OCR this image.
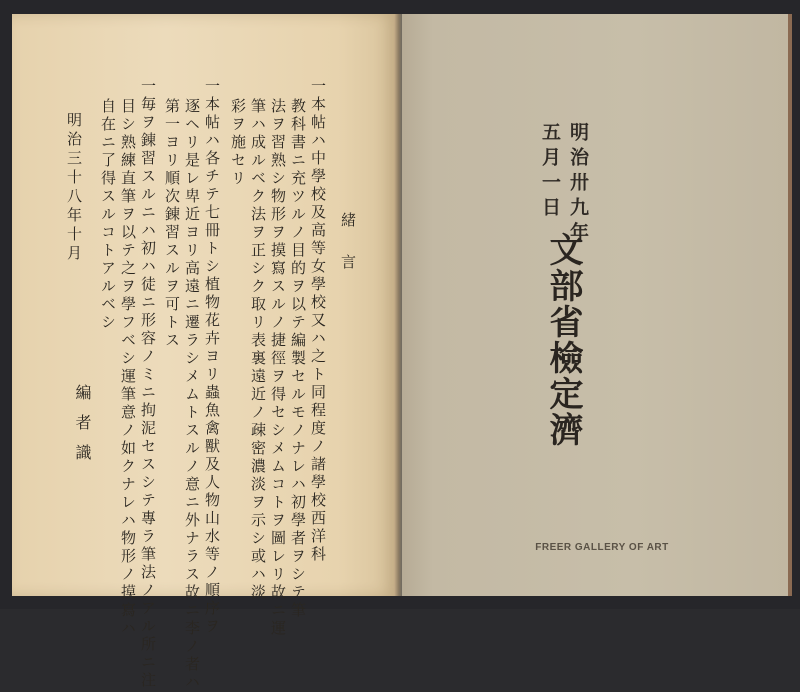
緒　言
一本帖ハ中學校及高等女學校又ハ之ト同程度ノ諸學校西洋科
教科書ニ充ツルノ目的ヲ以テ編製セルモノナレハ初學者ヲシテ筆
法ヲ習熟シ物形ヲ摸寫スルノ捷徑ヲ得セシメムコトヲ圖レリ故ニ運
筆ハ成ルベク法ヲ正シク取リ表裏遠近ノ疎密濃淡ヲ示シ或ハ淡
彩ヲ施セリ
一本帖ハ各チテ七冊トシ植物花卉ヨリ蟲魚禽獸及人物山水等ノ順序ヲ
逐ヘリ是レ卑近ヨリ高遠ニ遷ラシメムトスルノ意ニ外ナラス故ニ李ノ者ハ
第一ヨリ順次錬習スルヲ可トス
一毎ヲ錬習スルニハ初ハ徒ニ形容ノミニ拘泥セスシテ專ラ筆法ノアル所ニ注
目シ熟練直筆ヲ以テ之ヲ學フベシ運筆意ノ如クナレハ物形ノ摸寫ハ
自在ニ了得スルコトアルベシ
明治三十八年十月
編者識
明治卅九年
五月一日
文部省檢定濟
FREER GALLERY OF ART
